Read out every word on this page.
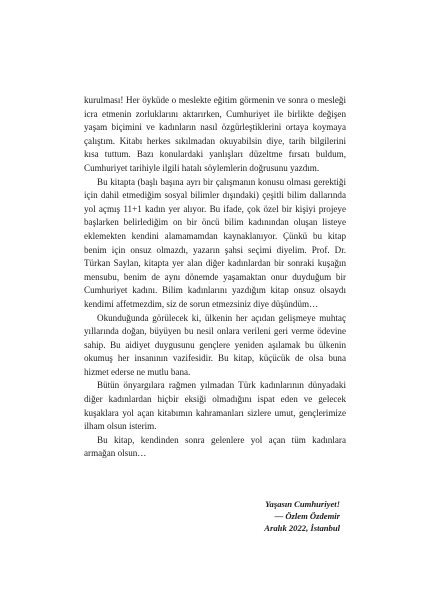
kurulması! Her öyküde o meslekte eğitim görmenin ve sonra o mesleği icra etmenin zorluklarını aktarırken, Cumhuriyet ile birlikte değişen yaşam biçimini ve kadınların nasıl özgürleştiklerini ortaya koymaya çalıştım. Kitabı herkes sıkılmadan okuyabilsin diye, tarih bilgilerini kısa tuttum. Bazı konulardaki yanlışları düzeltme fırsatı buldum, Cumhuriyet tarihiyle ilgili hatalı söylemlerin doğrusunu yazdım.

Bu kitapta (başlı başına ayrı bir çalışmanın konusu olması gerektiği için dahil etmediğim sosyal bilimler dışındaki) çeşitli bilim dallarında yol açmış 11+1 kadın yer alıyor. Bu ifade, çok özel bir kişiyi projeye başlarken belirlediğim on bir öncü bilim kadınından oluşan listeye eklemekten kendini alamamamdan kaynaklanıyor. Çünkü bu kitap benim için onsuz olmazdı, yazarın şahsi seçimi diyelim. Prof. Dr. Türkan Saylan, kitapta yer alan diğer kadınlardan bir sonraki kuşağın mensubu, benim de aynı dönemde yaşamaktan onur duyduğum bir Cumhuriyet kadını. Bilim kadınlarını yazdığım kitap onsuz olsaydı kendimi affetmezdim, siz de sorun etmezsiniz diye düşündüm…

Okunduğunda görülecek ki, ülkenin her açıdan gelişmeye muhtaç yıllarında doğan, büyüyen bu nesil onlara verileni geri verme ödevine sahip. Bu aidiyet duygusunu gençlere yeniden aşılamak bu ülkenin okumuş her insanının vazifesidir. Bu kitap, küçücük de olsa buna hizmet ederse ne mutlu bana.

Bütün önyargılara rağmen yılmadan Türk kadınlarının dünyadaki diğer kadınlardan hiçbir eksiği olmadığını ispat eden ve gelecek kuşaklara yol açan kitabımın kahramanları sizlere umut, gençlerimize ilham olsun isterim.

Bu kitap, kendinden sonra gelenlere yol açan tüm kadınlara armağan olsun…

Yaşasın Cumhuriyet!
— Özlem Özdemir
Aralık 2022, İstanbul
